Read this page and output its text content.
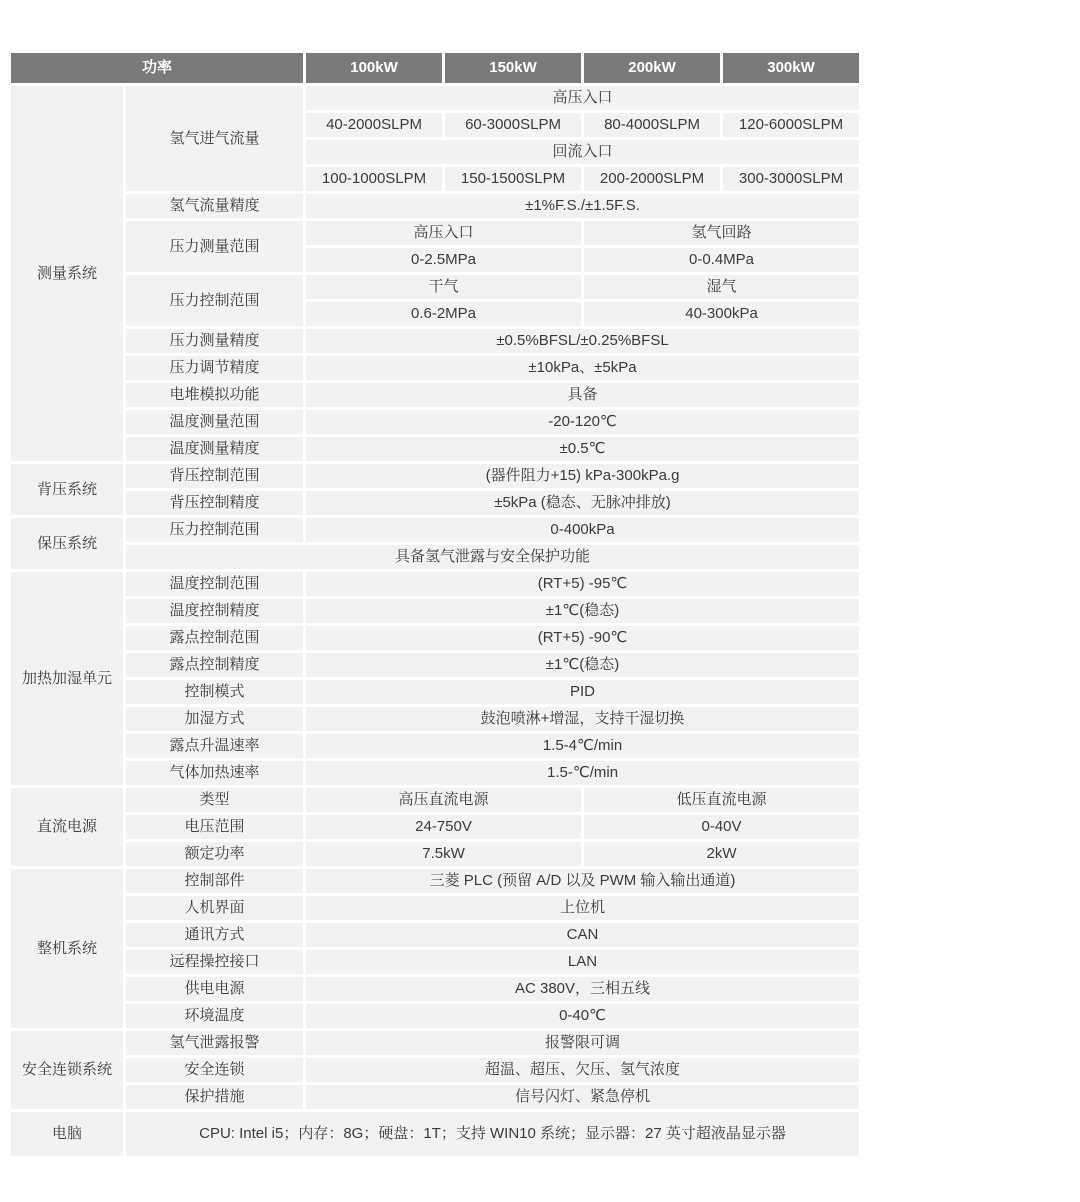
功率		100kW	150kW	200kW	300kW
测量系统	氢气进气流量	高压入口			
		40-2000SLPM	60-3000SLPM	80-4000SLPM	120-6000SLPM
		回流入口			
		100-1000SLPM	150-1500SLPM	200-2000SLPM	300-3000SLPM
	氢气流量精度	±1%F.S./±1.5F.S.			
	压力测量范围	高压入口		氢气回路	
		0-2.5MPa		0-0.4MPa	
	压力控制范围	干气		湿气	
		0.6-2MPa		40-300kPa	
	压力测量精度	±0.5%BFSL/±0.25%BFSL			
	压力调节精度	±10kPa、±5kPa			
	电堆模拟功能	具备			
	温度测量范围	-20-120℃			
	温度测量精度	±0.5℃			
背压系统	背压控制范围	(器件阻力+15) kPa-300kPa.g			
	背压控制精度	±5kPa (稳态、无脉冲排放)			
保压系统	压力控制范围	0-400kPa			
	具备氢气泄露与安全保护功能				
加热加湿单元	温度控制范围	(RT+5) -95℃			
	温度控制精度	±1℃(稳态)			
	露点控制范围	(RT+5) -90℃			
	露点控制精度	±1℃(稳态)			
	控制模式	PID			
	加湿方式	鼓泡喷淋+增湿，支持干湿切换			
	露点升温速率	1.5-4℃/min			
	气体加热速率	1.5-℃/min			
直流电源	类型	高压直流电源		低压直流电源	
	电压范围	24-750V		0-40V	
	额定功率	7.5kW		2kW	
整机系统	控制部件	三菱 PLC (预留 A/D 以及 PWM 输入输出通道)			
	人机界面	上位机			
	通讯方式	CAN			
	远程操控接口	LAN			
	供电电源	AC 380V，三相五线			
	环境温度	0-40℃			
安全连锁系统	氢气泄露报警	报警限可调			
	安全连锁	超温、超压、欠压、氢气浓度			
	保护措施	信号闪灯、紧急停机			
电脑	CPU: Intel i5；内存：8G；硬盘：1T；支持 WIN10 系统；显示器：27 英寸超液晶显示器				
